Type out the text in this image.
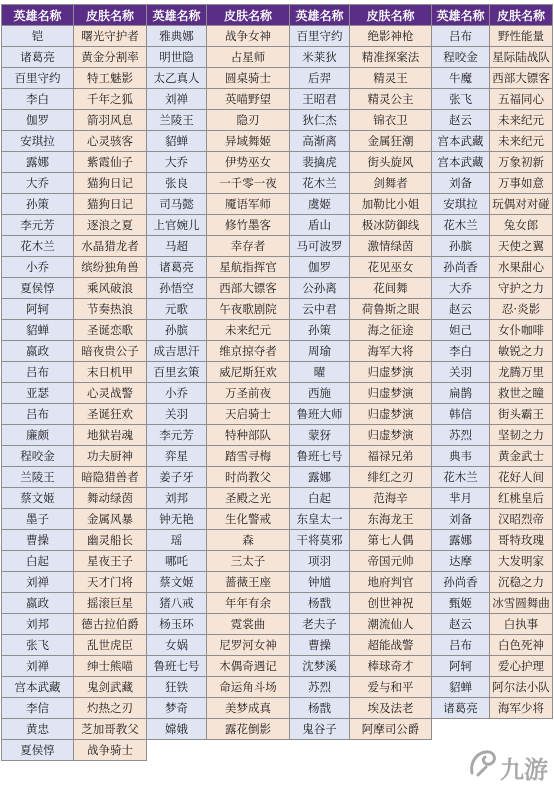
英雄名称	皮肤名称	英雄名称	皮肤名称	英雄名称	皮肤名称	英雄名称	皮肤名称
铠	曙光守护者	雅典娜	战争女神	百里守约	绝影神枪	吕布	野性能量
诸葛亮	黄金分割率	明世隐	占星师	米莱狄	精准探案法	程咬金	星际陆战队
百里守约	特工魅影	太乙真人	圆桌骑士	后羿	精灵王	牛魔	西部大镖客
李白	千年之狐	刘禅	英喵野望	王昭君	精灵公主	张飞	五福同心
伽罗	箭羽风息	兰陵王	隐刃	狄仁杰	锦衣卫	赵云	未来纪元
安琪拉	心灵骇客	貂蝉	异域舞姬	高渐离	金属狂潮	宫本武藏	未来纪元
露娜	紫霞仙子	大乔	伊势巫女	裴擒虎	街头旋风	宫本武藏	万象初新
大乔	猫狗日记	张良	一千零一夜	花木兰	剑舞者	刘备	万事如意
孙策	猫狗日记	司马懿	魇语军师	虞姬	加勒比小姐	安琪拉	玩偶对对碰
李元芳	逐浪之夏	上官婉儿	修竹墨客	盾山	极冰防御线	花木兰	兔女郎
花木兰	水晶猎龙者	马超	幸存者	马可波罗	激情绿茵	孙膑	天使之翼
小乔	缤纷独角兽	诸葛亮	星航指挥官	伽罗	花见巫女	孙尚香	水果甜心
夏侯惇	乘风破浪	孙悟空	西部大镖客	公孙离	花间舞	大乔	守护之力
阿轲	节奏热浪	元歌	午夜歌剧院	云中君	荷鲁斯之眼	赵云	忍·炎影
貂蝉	圣诞恋歌	孙膑	未来纪元	孙策	海之征途	妲己	女仆咖啡
嬴政	暗夜贵公子	成吉思汗	维京掠夺者	周瑜	海军大将	李白	敏锐之力
吕布	末日机甲	百里玄策	威尼斯狂欢	曜	归虚梦演	关羽	龙腾万里
亚瑟	心灵战警	小乔	万圣前夜	西施	归虚梦演	扁鹊	救世之瞳
吕布	圣诞狂欢	关羽	天启骑士	鲁班大师	归虚梦演	韩信	街头霸王
廉颇	地狱岩魂	李元芳	特种部队	蒙犽	归虚梦演	苏烈	坚韧之力
程咬金	功夫厨神	弈星	踏雪寻梅	鲁班七号	福禄兄弟	典韦	黄金武士
兰陵王	暗隐猎兽者	姜子牙	时尚教父	露娜	绯红之刃	花木兰	花好人间
蔡文姬	舞动绿茵	刘邦	圣殿之光	白起	范海辛	芈月	红桃皇后
墨子	金属风暴	钟无艳	生化警戒	东皇太一	东海龙王	刘备	汉昭烈帝
曹操	幽灵船长	瑶	森	干将莫邪	第七人偶	露娜	哥特玫瑰
白起	星夜王子	哪吒	三太子	项羽	帝国元帅	达摩	大发明家
刘禅	天才门将	蔡文姬	蔷薇王座	钟馗	地府判官	孙尚香	沉稳之力
嬴政	摇滚巨星	猪八戒	年年有余	杨戬	创世神祝	甄姬	冰雪圆舞曲
刘邦	德古拉伯爵	杨玉环	霓裳曲	老夫子	潮流仙人	赵云	白执事
张飞	乱世虎臣	女娲	尼罗河女神	曹操	超能战警	吕布	白色死神
刘禅	绅士熊喵	鲁班七号	木偶奇遇记	沈梦溪	棒球奇才	阿轲	爱心护理
宫本武藏	鬼剑武藏	狂铁	命运角斗场	苏烈	爱与和平	貂蝉	阿尔法小队
李信	灼热之刃	梦奇	美梦成真	杨戬	埃及法老	诸葛亮	海军少将
黄忠	芝加哥教父	嫦娥	露花倒影	鬼谷子	阿摩司公爵		
夏侯惇	战争骑士						
九游
